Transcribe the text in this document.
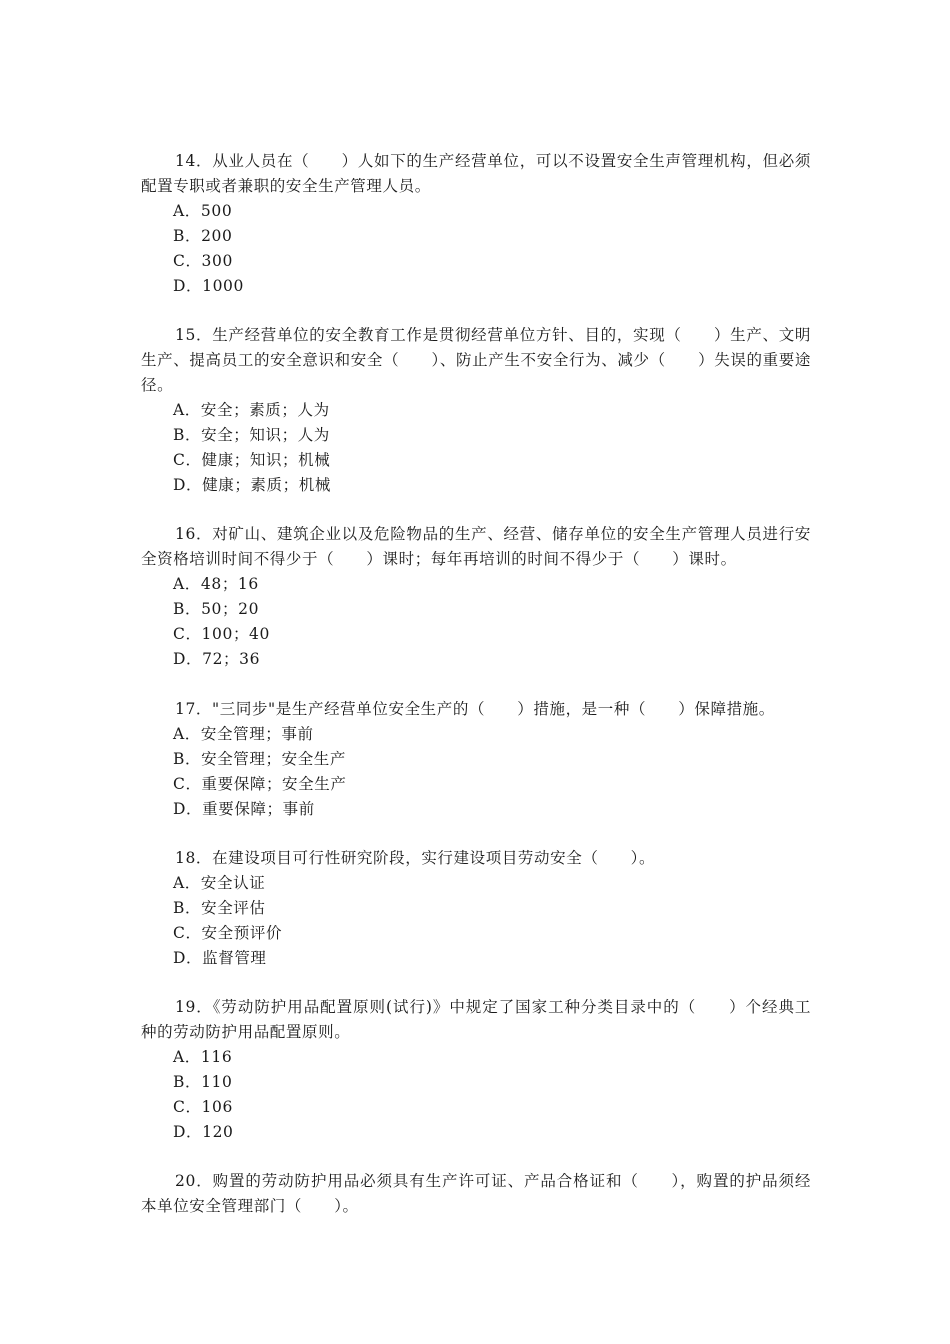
14．从业人员在（　　）人如下的生产经营单位，可以不设置安全生声管理机构，但必须配置专职或者兼职的安全生产管理人员。

A．500
B．200
C．300
D．1000

15．生产经营单位的安全教育工作是贯彻经营单位方针、目的，实现（　　）生产、文明生产、提高员工的安全意识和安全（　　）、防止产生不安全行为、减少（　　）失误的重要途径。

A．安全；素质；人为
B．安全；知识；人为
C．健康；知识；机械
D．健康；素质；机械

16．对矿山、建筑企业以及危险物品的生产、经营、储存单位的安全生产管理人员进行安全资格培训时间不得少于（　　）课时；每年再培训的时间不得少于（　　）课时。

A．48；16
B．50；20
C．100；40
D．72；36

17．"三同步"是生产经营单位安全生产的（　　）措施，是一种（　　）保障措施。

A．安全管理；事前
B．安全管理；安全生产
C．重要保障；安全生产
D．重要保障；事前

18．在建设项目可行性研究阶段，实行建设项目劳动安全（　　）。

A．安全认证
B．安全评估
C．安全预评价
D．监督管理

19．《劳动防护用品配置原则(试行)》中规定了国家工种分类目录中的（　　）个经典工种的劳动防护用品配置原则。

A．116
B．110
C．106
D．120

20．购置的劳动防护用品必须具有生产许可证、产品合格证和（　　），购置的护品须经本单位安全管理部门（　　）。
